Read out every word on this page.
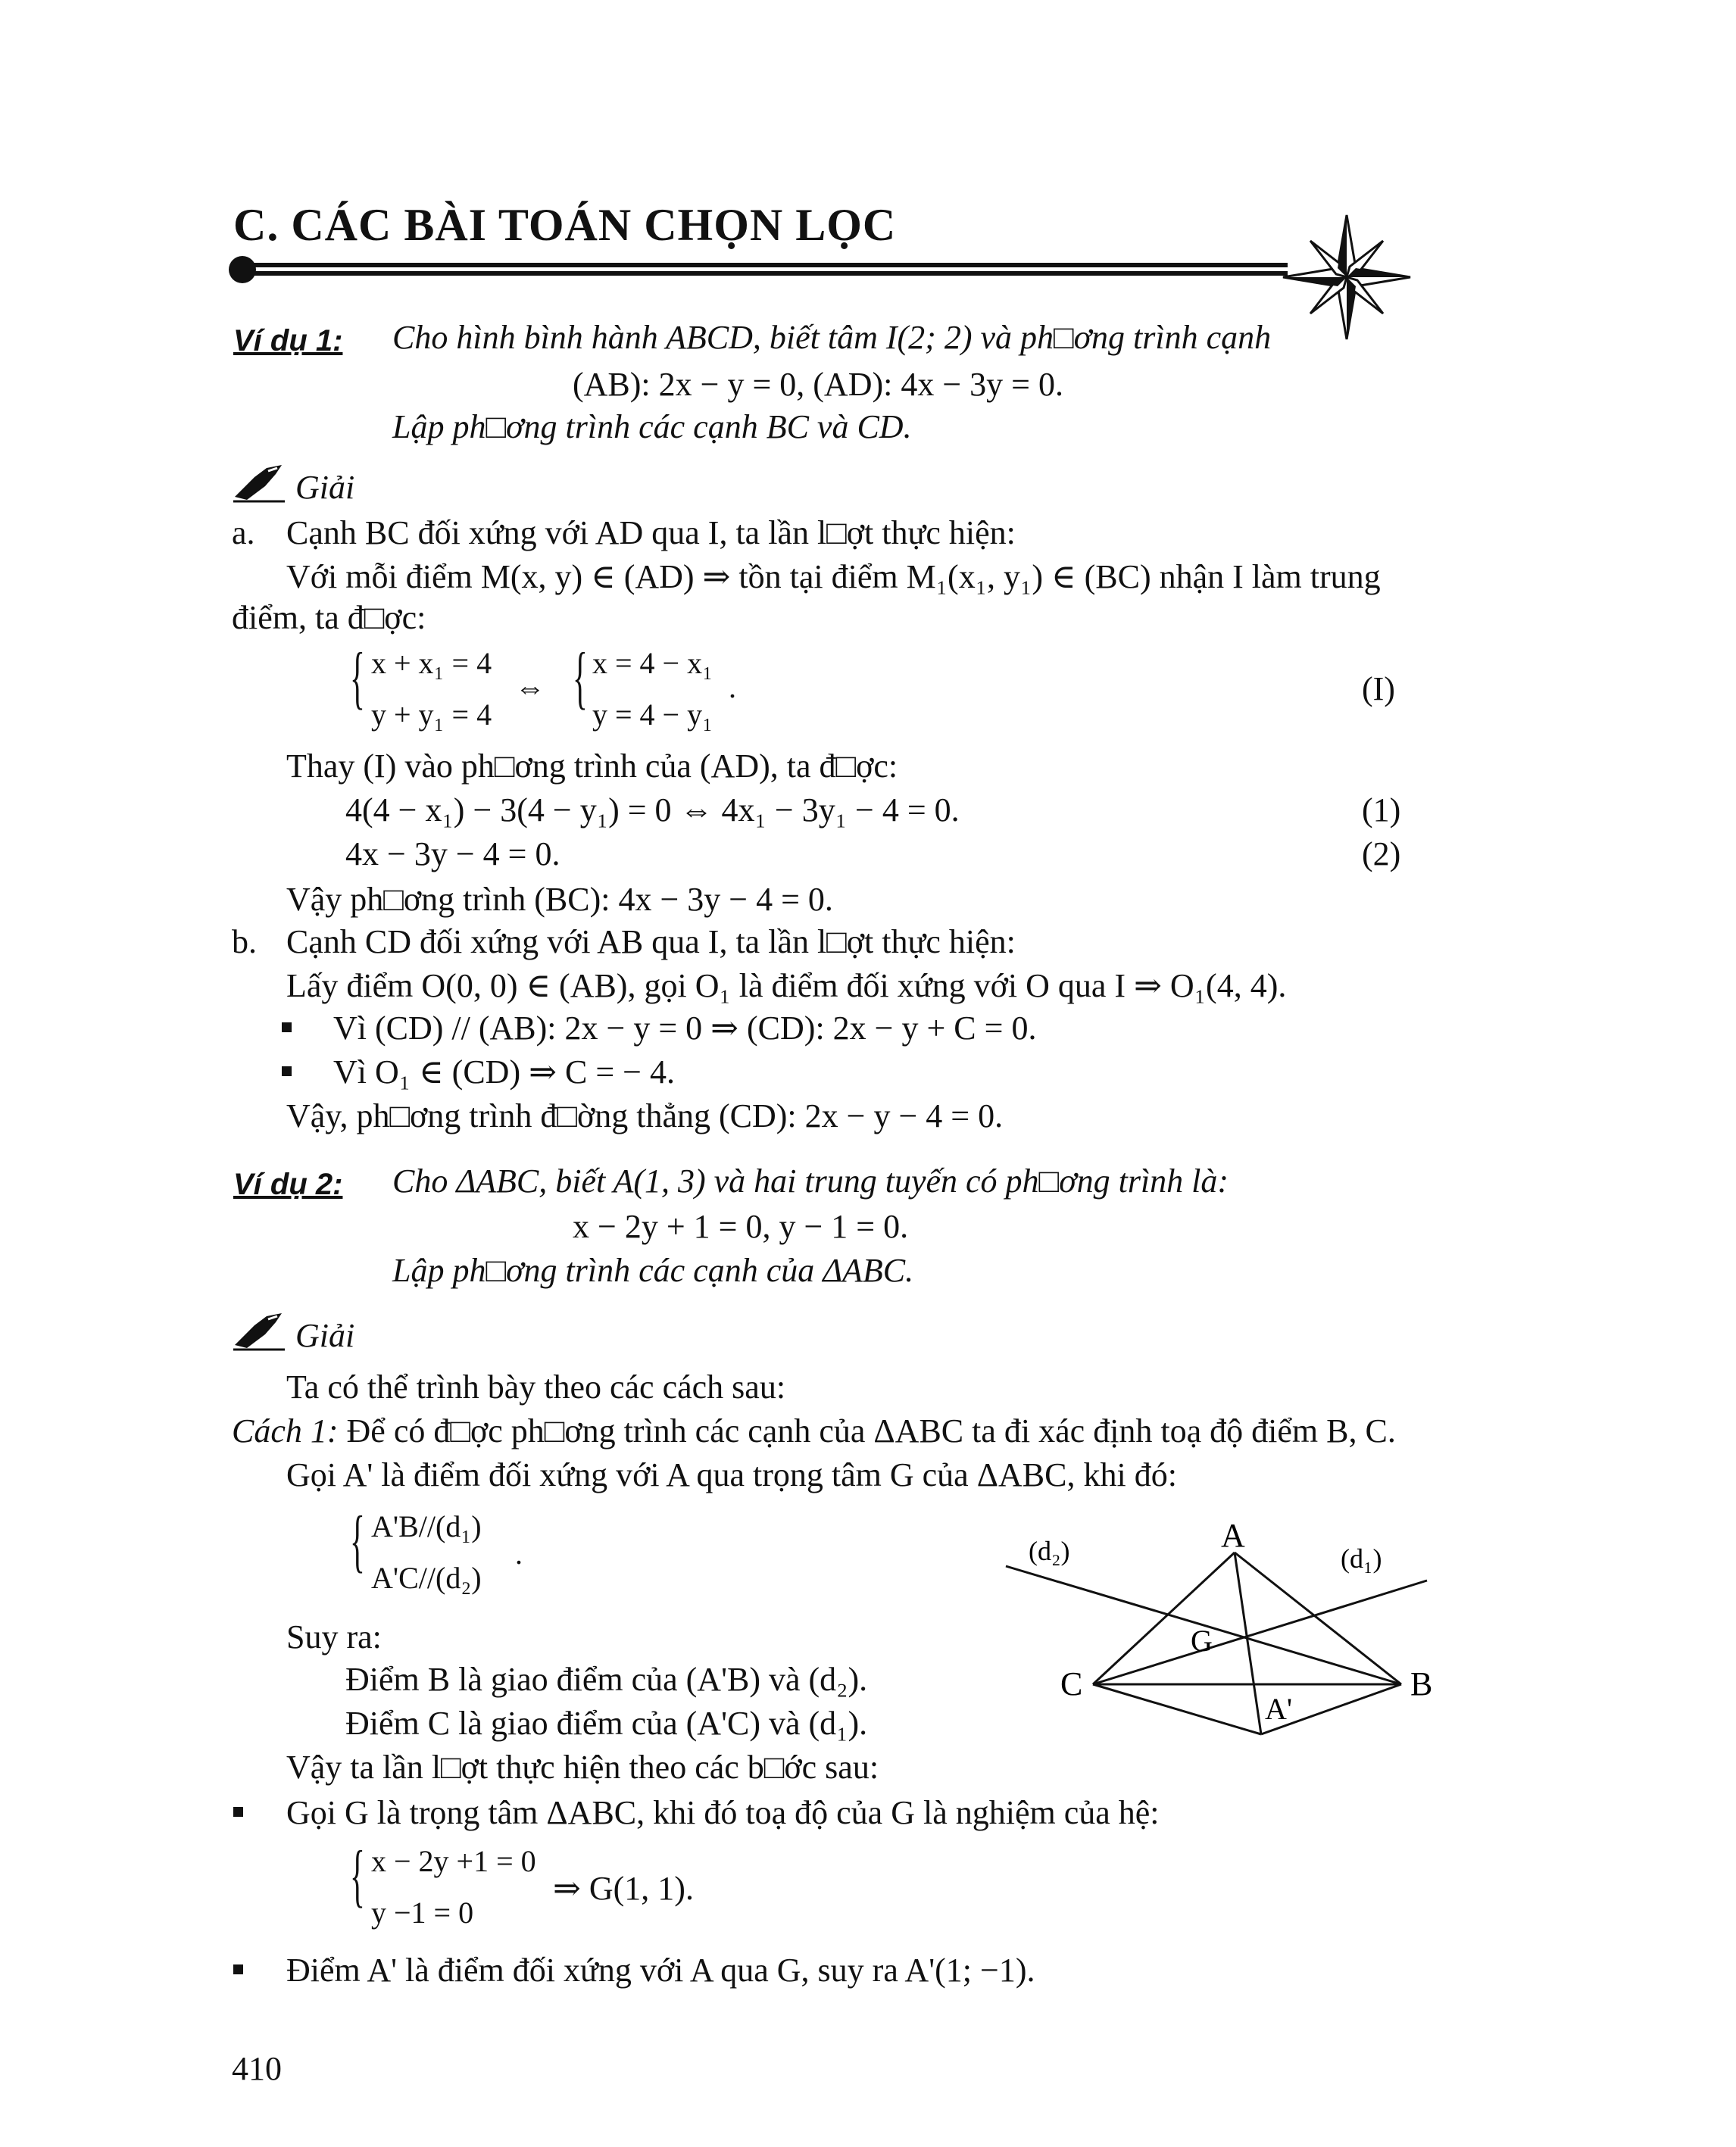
C. CÁC BÀI TOÁN CHỌN LỌC
Ví dụ 1: Cho hình bình hành ABCD, biết tâm I(2; 2) và ph□ơng trình cạnh
(AB): 2x − y = 0, (AD): 4x − 3y = 0.
Lập ph□ơng trình các cạnh BC và CD.
Giải
a. Cạnh BC đối xứng với AD qua I, ta lần l□ợt thực hiện:
Với mỗi điểm M(x, y) ∈ (AD) ⇒ tồn tại điểm M₁(x₁, y₁) ∈ (BC) nhận I làm trung
điểm, ta đ□ợc:
{ x + x₁ = 4
y + y₁ = 4
⇔ { x = 4 − x₁
y = 4 − y₁
.	(I)
Thay (I) vào ph□ơng trình của (AD), ta đ□ợc:
4(4 − x₁) − 3(4 − y₁) = 0 ⇔ 4x₁ − 3y₁ − 4 = 0.	(1)
4x − 3y − 4 = 0.	(2)
Vậy ph□ơng trình (BC): 4x − 3y − 4 = 0.
b. Cạnh CD đối xứng với AB qua I, ta lần l□ợt thực hiện:
Lấy điểm O(0, 0) ∈ (AB), gọi O₁ là điểm đối xứng với O qua I ⇒ O₁(4, 4).
Vì (CD) // (AB): 2x − y = 0 ⇒ (CD): 2x − y + C = 0.
Vì O₁ ∈ (CD) ⇒ C = − 4.
Vậy, ph□ơng trình đ□ờng thẳng (CD): 2x − y − 4 = 0.
Ví dụ 2: Cho ΔABC, biết A(1, 3) và hai trung tuyến có ph□ơng trình là:
x − 2y + 1 = 0, y − 1 = 0.
Lập ph□ơng trình các cạnh của ΔABC.
Giải
Ta có thể trình bày theo các cách sau:
Cách 1: Để có đ□ợc ph□ơng trình các cạnh của ΔABC ta đi xác định toạ độ điểm B, C.
Gọi A' là điểm đối xứng với A qua trọng tâm G của ΔABC, khi đó:
{ A'B//(d₁)
A'C//(d₂)
.
Suy ra:
Điểm B là giao điểm của (A'B) và (d₂).
Điểm C là giao điểm của (A'C) và (d₁).
Vậy ta lần l□ợt thực hiện theo các b□ớc sau:
Gọi G là trọng tâm ΔABC, khi đó toạ độ của G là nghiệm của hệ:
{ x − 2y +1 = 0
y −1 = 0
⇒ G(1, 1).
Điểm A' là điểm đối xứng với A qua G, suy ra A'(1; −1).
A
B
C
G
A'
(d₁)
(d₂)
410
